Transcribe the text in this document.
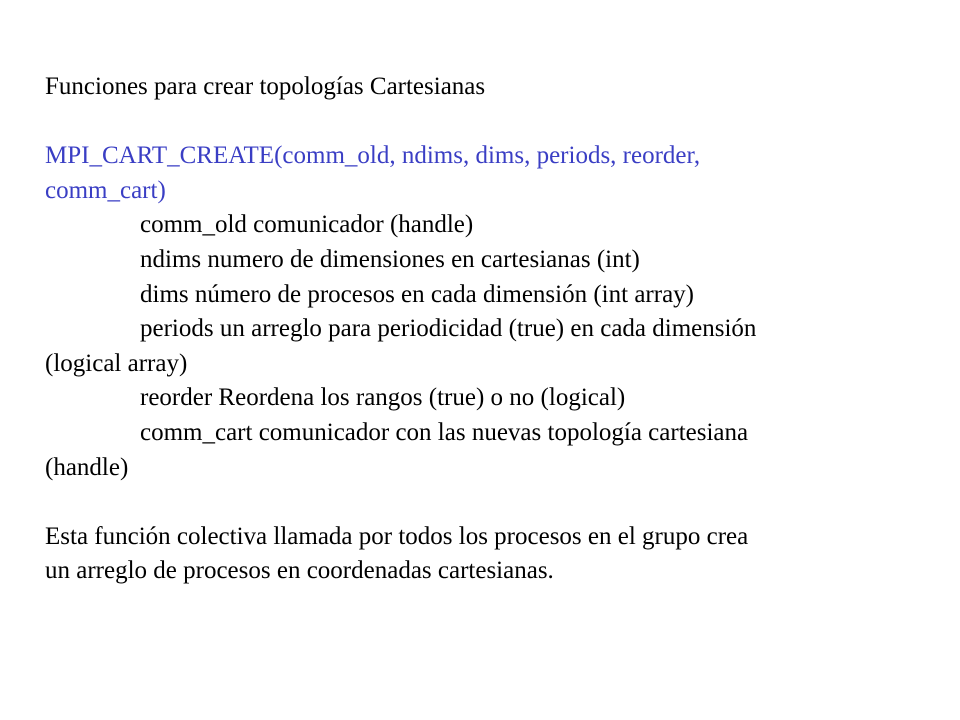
Funciones para crear topologías Cartesianas
MPI_CART_CREATE(comm_old, ndims, dims, periods, reorder,
comm_cart)
comm_old comunicador (handle)
ndims numero de dimensiones en cartesianas (int)
dims número de procesos en cada dimensión (int array)
periods un arreglo para periodicidad (true) en cada dimensión
(logical array)
reorder Reordena los rangos (true) o no (logical)
comm_cart comunicador con las nuevas topología cartesiana
(handle)
Esta función colectiva llamada por todos los procesos en el grupo crea
un arreglo de procesos en coordenadas cartesianas.
